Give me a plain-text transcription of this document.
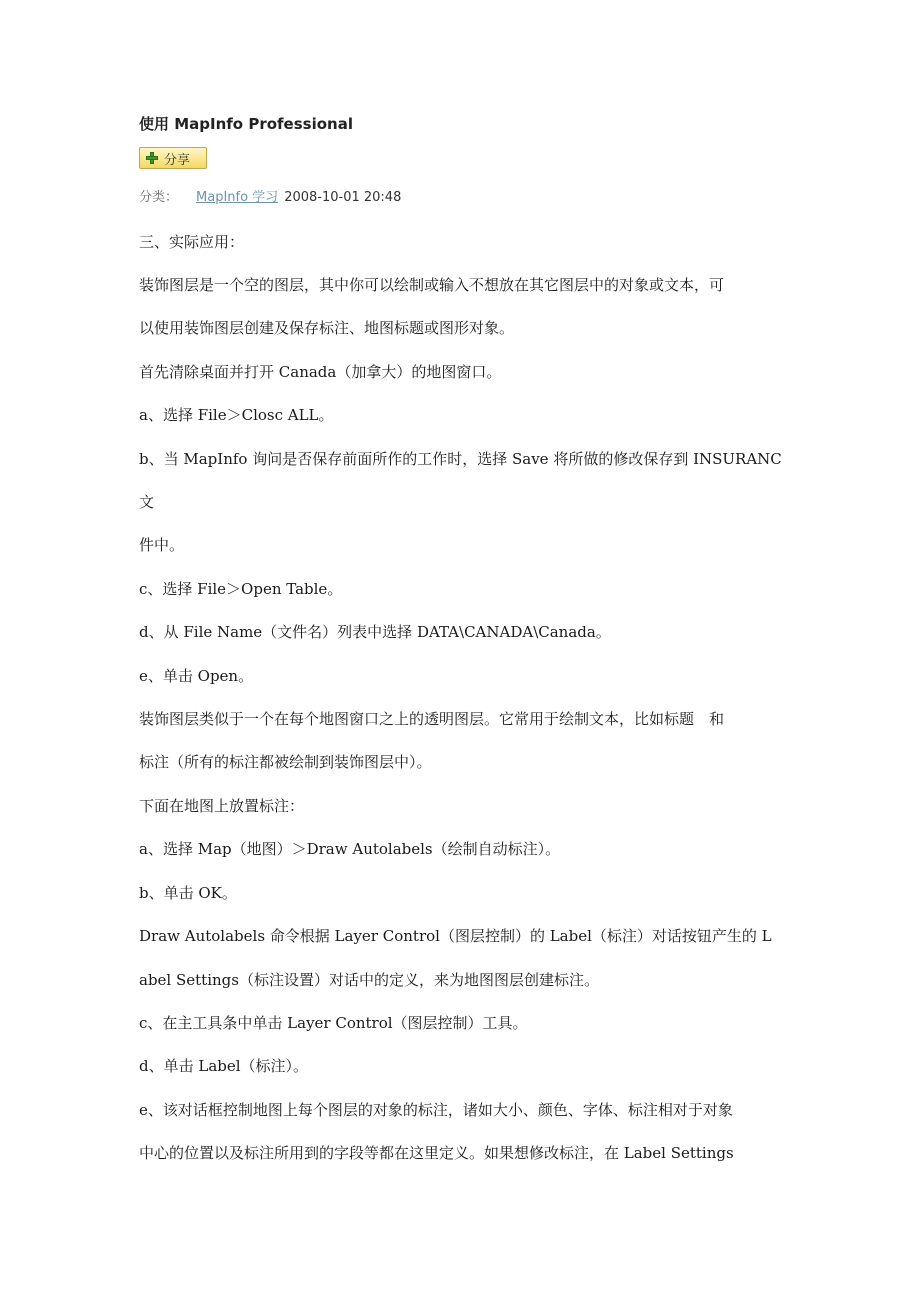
使用 MapInfo Professional
分享
分类： MapInfo 学习 2008-10-01 20:48
三、实际应用：
装饰图层是一个空的图层，其中你可以绘制或输入不想放在其它图层中的对象或文本，可
以使用装饰图层创建及保存标注、地图标题或图形对象。
首先清除桌面并打开 Canada（加拿大）的地图窗口。
a、选择 File＞Closc ALL。
b、当 MapInfo 询问是否保存前面所作的工作时，选择 Save 将所做的修改保存到 INSURANC
文
件中。
c、选择 File＞Open Table。
d、从 File Name（文件名）列表中选择 DATA\CANADA\Canada。
e、单击 Open。
装饰图层类似于一个在每个地图窗口之上的透明图层。它常用于绘制文本，比如标题　和
标注（所有的标注都被绘制到装饰图层中）。
下面在地图上放置标注：
a、选择 Map（地图）＞Draw Autolabels（绘制自动标注）。
b、单击 OK。
Draw Autolabels 命令根据 Layer Control（图层控制）的 Label（标注）对话按钮产生的 L
abel Settings（标注设置）对话中的定义，来为地图图层创建标注。
c、在主工具条中单击 Layer Control（图层控制）工具。
d、单击 Label（标注）。
e、该对话框控制地图上每个图层的对象的标注，诸如大小、颜色、字体、标注相对于对象
中心的位置以及标注所用到的字段等都在这里定义。如果想修改标注，在 Label Settings
